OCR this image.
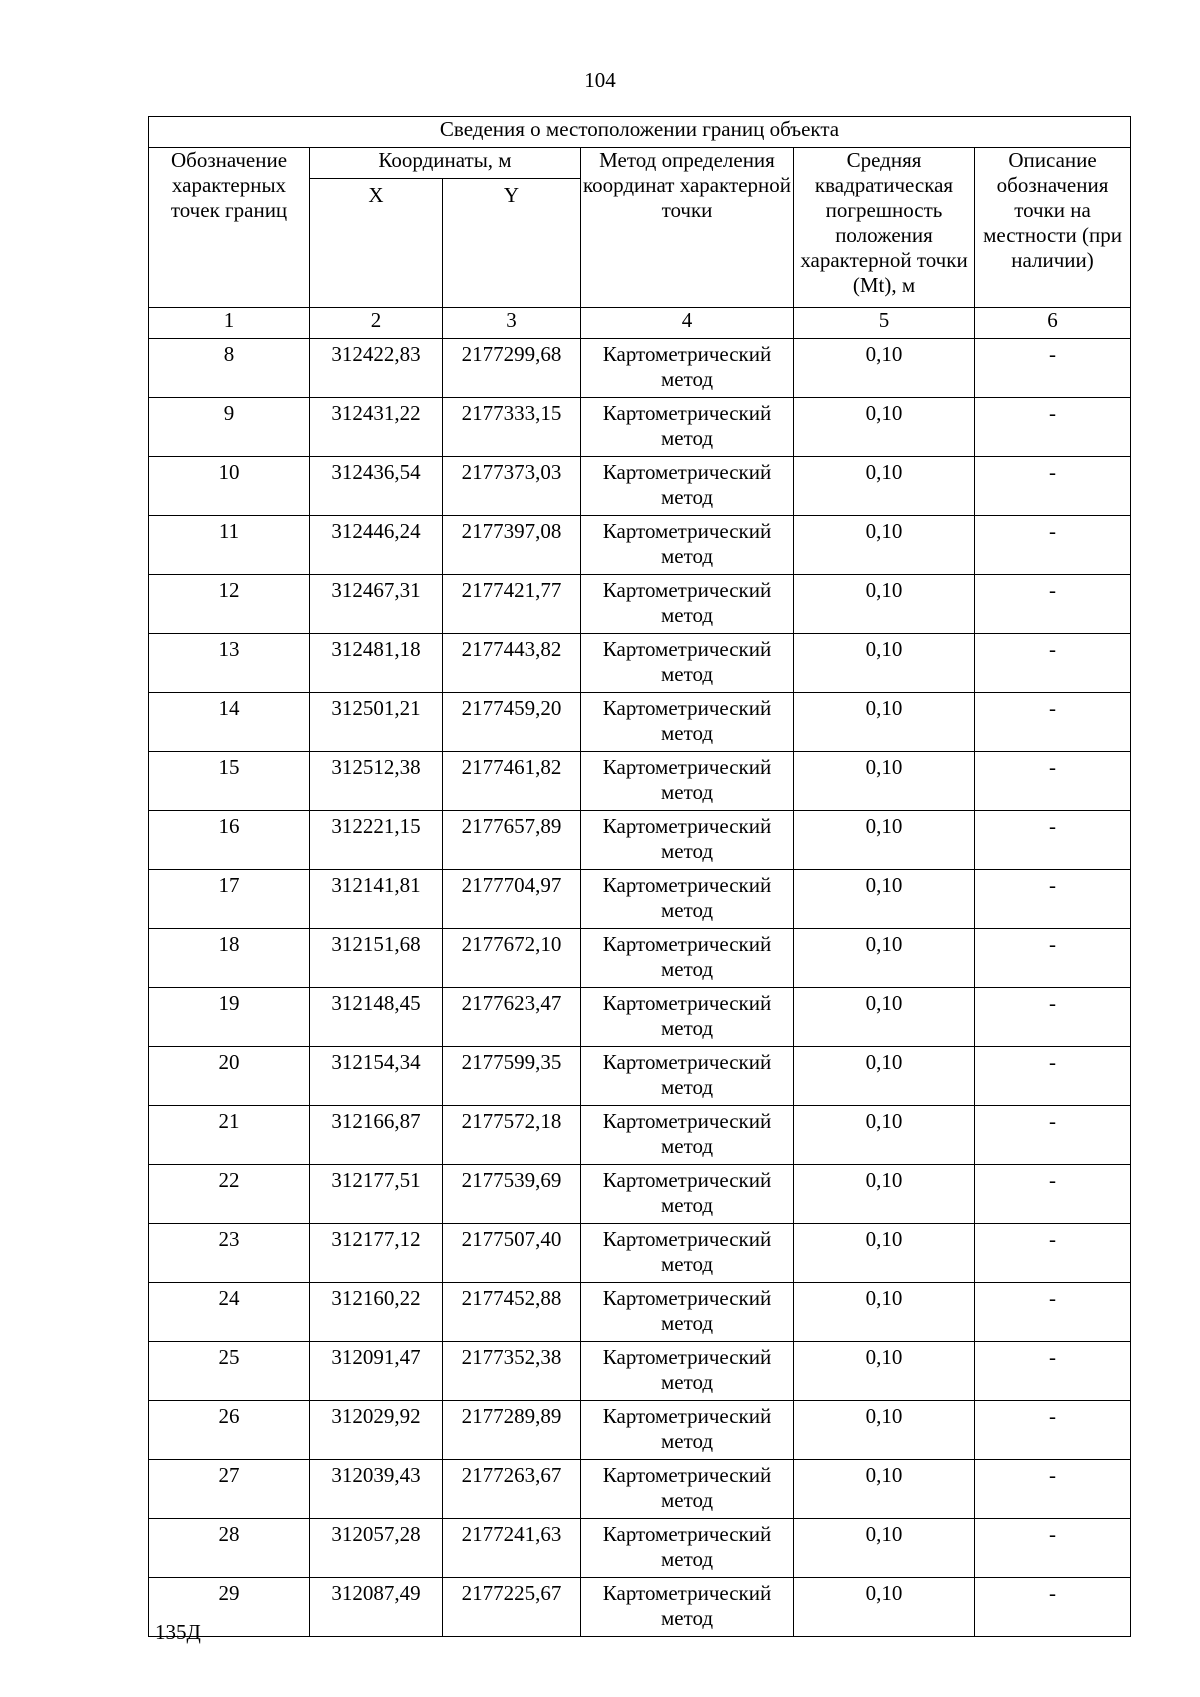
104
Сведения о местоположении границ объекта					
Обозначение характерных точек границ	Координаты, м		Метод определения координат характерной точки	Средняя квадратическая погрешность положения характерной точки (Mt), м	Описание обозначения точки на местности (при наличии)
	X	Y			
1	2	3	4	5	6
8	312422,83	2177299,68	Картометрический метод	0,10	-
9	312431,22	2177333,15	Картометрический метод	0,10	-
10	312436,54	2177373,03	Картометрический метод	0,10	-
11	312446,24	2177397,08	Картометрический метод	0,10	-
12	312467,31	2177421,77	Картометрический метод	0,10	-
13	312481,18	2177443,82	Картометрический метод	0,10	-
14	312501,21	2177459,20	Картометрический метод	0,10	-
15	312512,38	2177461,82	Картометрический метод	0,10	-
16	312221,15	2177657,89	Картометрический метод	0,10	-
17	312141,81	2177704,97	Картометрический метод	0,10	-
18	312151,68	2177672,10	Картометрический метод	0,10	-
19	312148,45	2177623,47	Картометрический метод	0,10	-
20	312154,34	2177599,35	Картометрический метод	0,10	-
21	312166,87	2177572,18	Картометрический метод	0,10	-
22	312177,51	2177539,69	Картометрический метод	0,10	-
23	312177,12	2177507,40	Картометрический метод	0,10	-
24	312160,22	2177452,88	Картометрический метод	0,10	-
25	312091,47	2177352,38	Картометрический метод	0,10	-
26	312029,92	2177289,89	Картометрический метод	0,10	-
27	312039,43	2177263,67	Картометрический метод	0,10	-
28	312057,28	2177241,63	Картометрический метод	0,10	-
29	312087,49	2177225,67	Картометрический метод	0,10	-
135Д
